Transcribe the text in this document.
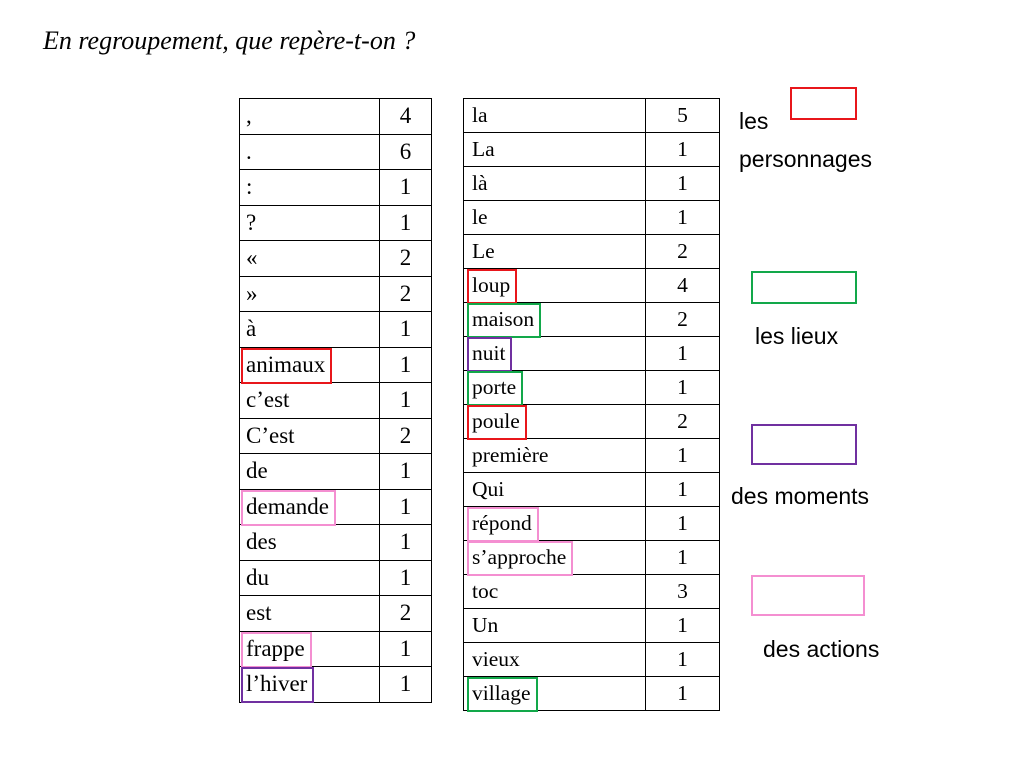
En regroupement, que repère-t-on ?
,	4
.	6
:	1
?	1
«	2
»	2
à	1
animaux	1
c’est	1
C’est	2
de	1
demande	1
des	1
du	1
est	2
frappe	1
l’hiver	1
la	5
La	1
là	1
le	1
Le	2
loup	4
maison	2
nuit	1
porte	1
poule	2
première	1
Qui	1
répond	1
s’approche	1
toc	3
Un	1
vieux	1
village	1
les
personnages
les lieux
des moments
des actions
